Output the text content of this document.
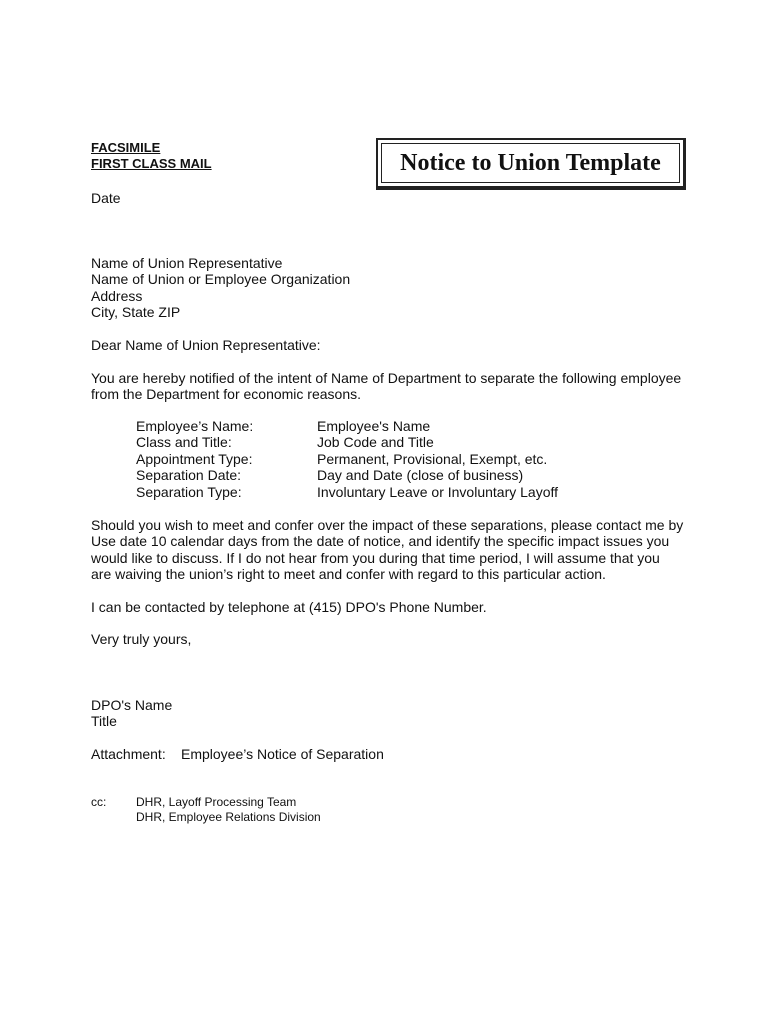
FACSIMILE
FIRST CLASS MAIL	Notice to Union Template
Date
Name of Union Representative
Name of Union or Employee Organization
Address
City, State ZIP
Dear Name of Union Representative:
You are hereby notified of the intent of Name of Department to separate the following employee
from the Department for economic reasons.
Employee’s Name:	Employee's Name
Class and Title:	Job Code and Title
Appointment Type:	Permanent, Provisional, Exempt, etc.
Separation Date:	Day and Date (close of business)
Separation Type:	Involuntary Leave or Involuntary Layoff
Should you wish to meet and confer over the impact of these separations, please contact me by
Use date 10 calendar days from the date of notice, and identify the specific impact issues you
would like to discuss. If I do not hear from you during that time period, I will assume that you
are waiving the union’s right to meet and confer with regard to this particular action.
I can be contacted by telephone at (415) DPO's Phone Number.
Very truly yours,
DPO's Name
Title
Attachment: Employee’s Notice of Separation
cc: DHR, Layoff Processing Team
DHR, Employee Relations Division
